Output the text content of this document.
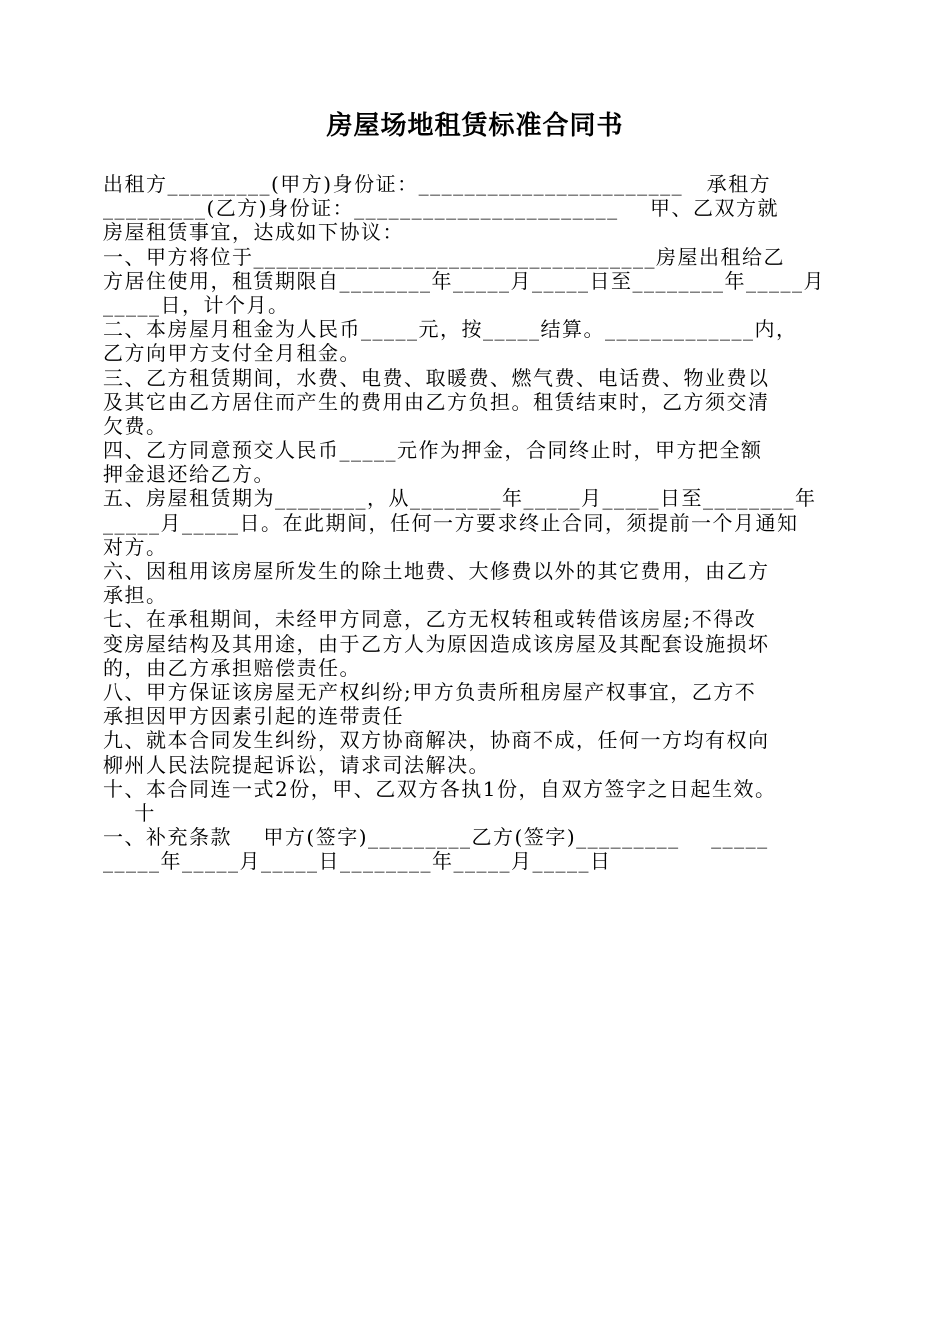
房屋场地租赁标准合同书
出租方_________(甲方)身份证：_______________________   承租方
_________(乙方)身份证：_______________________    甲、乙双方就
房屋租赁事宜，达成如下协议：
一、甲方将位于___________________________________房屋出租给乙
方居住使用，租赁期限自________年_____月_____日至________年_____月
_____日，计个月。
二、本房屋月租金为人民币_____元，按_____结算。_____________内，
乙方向甲方支付全月租金。
三、乙方租赁期间，水费、电费、取暖费、燃气费、电话费、物业费以
及其它由乙方居住而产生的费用由乙方负担。租赁结束时，乙方须交清
欠费。
四、乙方同意预交人民币_____元作为押金，合同终止时，甲方把全额
押金退还给乙方。
五、房屋租赁期为________，从________年_____月_____日至________年
_____月_____日。在此期间，任何一方要求终止合同，须提前一个月通知
对方。
六、因租用该房屋所发生的除土地费、大修费以外的其它费用，由乙方
承担。
七、在承租期间，未经甲方同意，乙方无权转租或转借该房屋;不得改
变房屋结构及其用途，由于乙方人为原因造成该房屋及其配套设施损坏
的，由乙方承担赔偿责任。
八、甲方保证该房屋无产权纠纷;甲方负责所租房屋产权事宜，乙方不
承担因甲方因素引起的连带责任
九、就本合同发生纠纷，双方协商解决，协商不成，任何一方均有权向
柳州人民法院提起诉讼，请求司法解决。
十、本合同连一式2份，甲、乙双方各执1份，自双方签字之日起生效。
十
一、补充条款    甲方(签字)_________乙方(签字)_________    _____
_____年_____月_____日________年_____月_____日
